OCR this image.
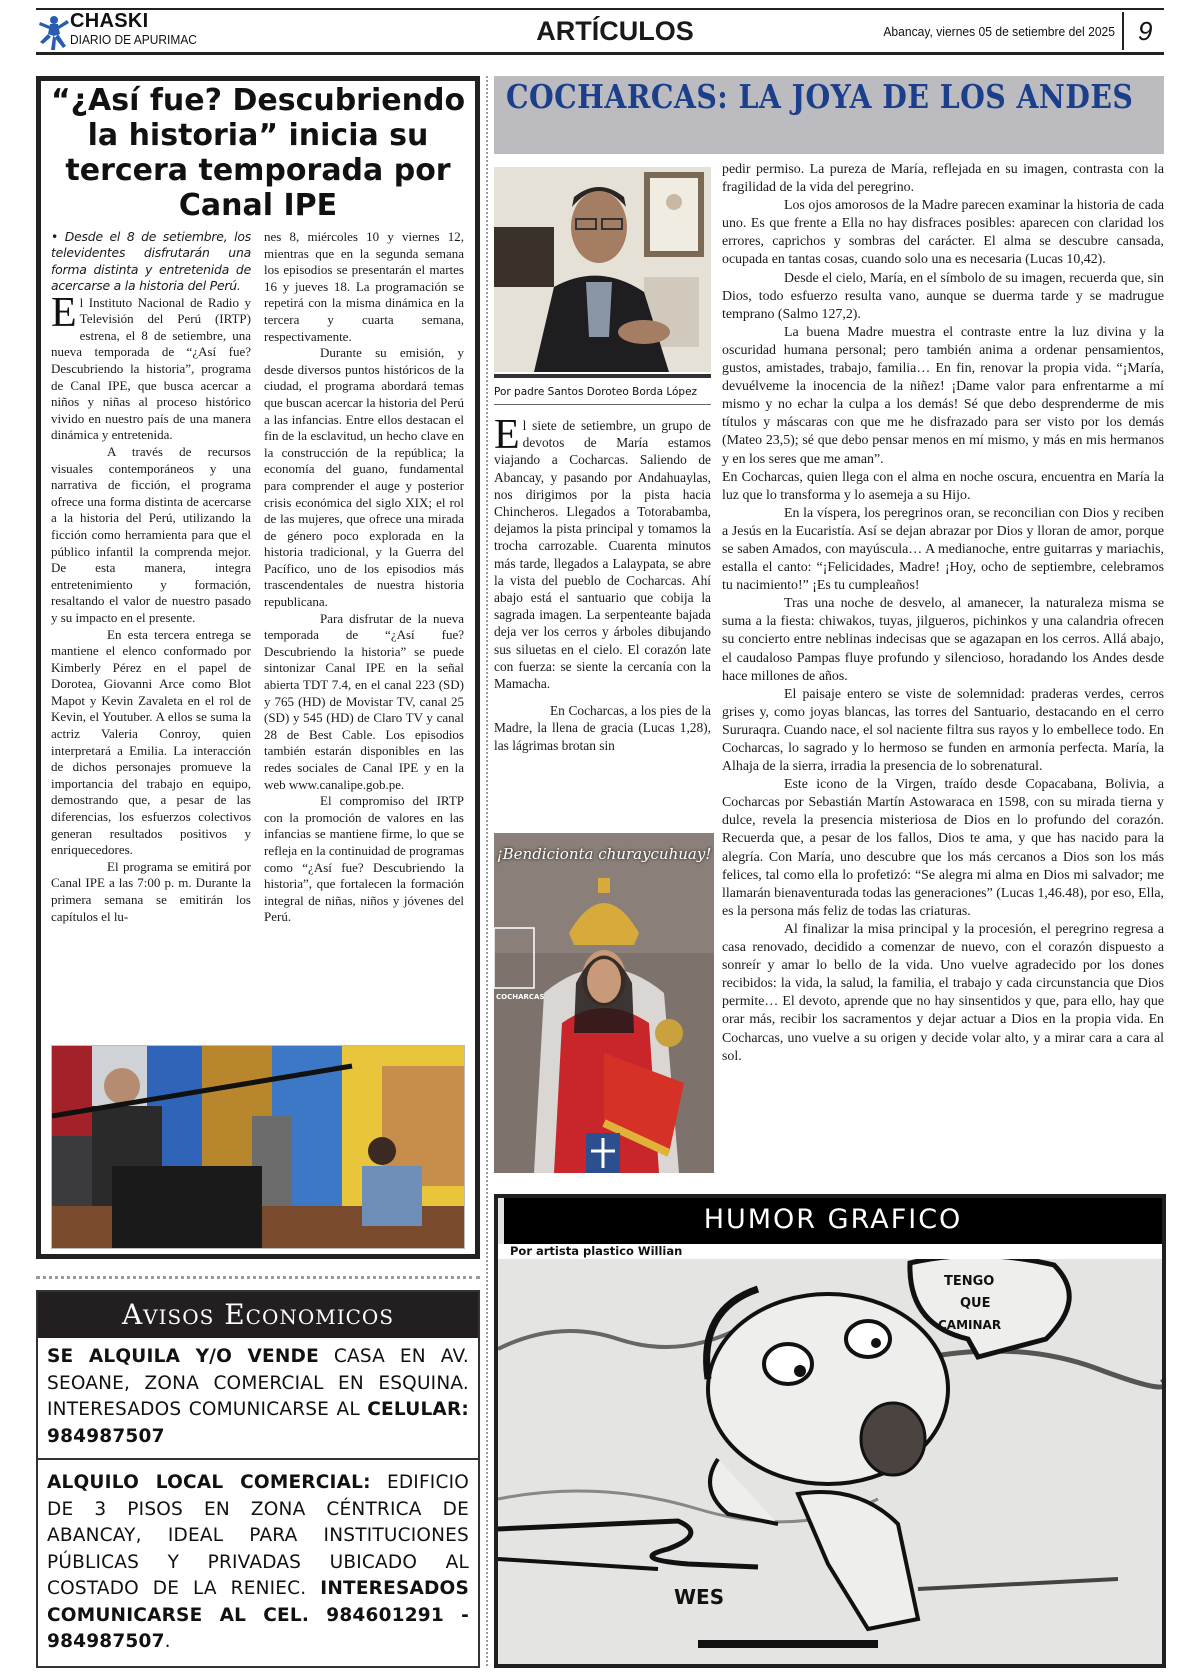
CHASKI
DIARIO DE APURIMAC	ARTÍCULOS	Abancay, viernes 05 de setiembre del 2025 9
“¿Así fue? Descubriendo la historia” inicia su tercera temporada por Canal IPE

• Desde el 8 de setiembre, los televidentes disfrutarán una forma distinta y entretenida de acercarse a la historia del Perú.

El Instituto Nacional de Radio y Televisión del Perú (IRTP) estrena, el 8 de setiembre, una nueva temporada de “¿Así fue? Descubriendo la historia”, programa de Canal IPE, que busca acercar a niños y niñas al proceso histórico vivido en nuestro país de una manera dinámica y entretenida.

A través de recursos visuales contemporáneos y una narrativa de ficción, el programa ofrece una forma distinta de acercarse a la historia del Perú, utilizando la ficción como herramienta para que el público infantil la comprenda mejor. De esta manera, integra entretenimiento y formación, resaltando el valor de nuestro pasado y su impacto en el presente.

En esta tercera entrega se mantiene el elenco conformado por Kimberly Pérez en el papel de Dorotea, Giovanni Arce como Blot Mapot y Kevin Zavaleta en el rol de Kevin, el Youtuber. A ellos se suma la actriz Valeria Conroy, quien interpretará a Emilia. La interacción de dichos personajes promueve la importancia del trabajo en equipo, demostrando que, a pesar de las diferencias, los esfuerzos colectivos generan resultados positivos y enriquecedores.

El programa se emitirá por Canal IPE a las 7:00 p. m. Durante la primera semana se emitirán los capítulos el lu-

nes 8, miércoles 10 y viernes 12, mientras que en la segunda semana los episodios se presentarán el martes 16 y jueves 18. La programación se repetirá con la misma dinámica en la tercera y cuarta semana, respectivamente.

Durante su emisión, y desde diversos puntos históricos de la ciudad, el programa abordará temas que buscan acercar la historia del Perú a las infancias. Entre ellos destacan el fin de la esclavitud, un hecho clave en la construcción de la república; la economía del guano, fundamental para comprender el auge y posterior crisis económica del siglo XIX; el rol de las mujeres, que ofrece una mirada de género poco explorada en la historia tradicional, y la Guerra del Pacífico, uno de los episodios más trascendentales de nuestra historia republicana.

Para disfrutar de la nueva temporada de “¿Así fue? Descubriendo la historia” se puede sintonizar Canal IPE en la señal abierta TDT 7.4, en el canal 223 (SD) y 765 (HD) de Movistar TV, canal 25 (SD) y 545 (HD) de Claro TV y canal 28 de Best Cable. Los episodios también estarán disponibles en las redes sociales de Canal IPE y en la web www.canalipe.gob.pe.

El compromiso del IRTP con la promoción de valores en las infancias se mantiene firme, lo que se refleja en la continuidad de programas como “¿Así fue? Descubriendo la historia”, que fortalecen la formación integral de niñas, niños y jóvenes del Perú.

Avisos Economicos
SE ALQUILA Y/O VENDE CASA EN AV. SEOANE, ZONA COMERCIAL EN ESQUINA. INTERESADOS COMUNICARSE AL CELULAR: 984987507
ALQUILO LOCAL COMERCIAL: EDIFICIO DE 3 PISOS EN ZONA CÉNTRICA DE ABANCAY, IDEAL PARA INSTITUCIONES PÚBLICAS Y PRIVADAS UBICADO AL COSTADO DE LA RENIEC. INTERESADOS COMUNICARSE AL CEL. 984601291 - 984987507.
COCHARCAS: LA JOYA DE LOS ANDES
Por padre Santos Doroteo Borda López

El siete de setiembre, un grupo de devotos de María estamos viajando a Cocharcas. Saliendo de Abancay, y pasando por Andahuaylas, nos dirigimos por la pista hacia Chincheros. Llegados a Totorabamba, dejamos la pista principal y tomamos la trocha carrozable. Cuarenta minutos más tarde, llegados a Lalaypata, se abre la vista del pueblo de Cocharcas. Ahí abajo está el santuario que cobija la sagrada imagen. La serpenteante bajada deja ver los cerros y árboles dibujando sus siluetas en el cielo. El corazón late con fuerza: se siente la cercanía con la Mamacha.

En Cocharcas, a los pies de la Madre, la llena de gracia (Lucas 1,28), las lágrimas brotan sin

¡Bendicionta churaycuhuay!
COCHARCAS

pedir permiso. La pureza de María, reflejada en su imagen, contrasta con la fragilidad de la vida del peregrino.

Los ojos amorosos de la Madre parecen examinar la historia de cada uno. Es que frente a Ella no hay disfraces posibles: aparecen con claridad los errores, caprichos y sombras del carácter. El alma se descubre cansada, ocupada en tantas cosas, cuando solo una es necesaria (Lucas 10,42).

Desde el cielo, María, en el símbolo de su imagen, recuerda que, sin Dios, todo esfuerzo resulta vano, aunque se duerma tarde y se madrugue temprano (Salmo 127,2).

La buena Madre muestra el contraste entre la luz divina y la oscuridad humana personal; pero también anima a ordenar pensamientos, gustos, amistades, trabajo, familia… En fin, renovar la propia vida. “¡María, devuélveme la inocencia de la niñez! ¡Dame valor para enfrentarme a mí mismo y no echar la culpa a los demás! Sé que debo desprenderme de mis títulos y máscaras con que me he disfrazado para ser visto por los demás (Mateo 23,5); sé que debo pensar menos en mí mismo, y más en mis hermanos y en los seres que me aman”.

En Cocharcas, quien llega con el alma en noche oscura, encuentra en María la luz que lo transforma y lo asemeja a su Hijo.

En la víspera, los peregrinos oran, se reconcilian con Dios y reciben a Jesús en la Eucaristía. Así se dejan abrazar por Dios y lloran de amor, porque se saben Amados, con mayúscula… A medianoche, entre guitarras y mariachis, estalla el canto: “¡Felicidades, Madre! ¡Hoy, ocho de septiembre, celebramos tu nacimiento!” ¡Es tu cumpleaños!

Tras una noche de desvelo, al amanecer, la naturaleza misma se suma a la fiesta: chiwakos, tuyas, jilgueros, pichinkos y una calandria ofrecen su concierto entre neblinas indecisas que se agazapan en los cerros. Allá abajo, el caudaloso Pampas fluye profundo y silencioso, horadando los Andes desde hace millones de años.

El paisaje entero se viste de solemnidad: praderas verdes, cerros grises y, como joyas blancas, las torres del Santuario, destacando en el cerro Sururaqra. Cuando nace, el sol naciente filtra sus rayos y lo embellece todo. En Cocharcas, lo sagrado y lo hermoso se funden en armonía perfecta. María, la Alhaja de la sierra, irradia la presencia de lo sobrenatural.

Este icono de la Virgen, traído desde Copacabana, Bolivia, a Cocharcas por Sebastián Martín Astowaraca en 1598, con su mirada tierna y dulce, revela la presencia misteriosa de Dios en lo profundo del corazón. Recuerda que, a pesar de los fallos, Dios te ama, y que has nacido para la alegría. Con María, uno descubre que los más cercanos a Dios son los más felices, tal como ella lo profetizó: “Se alegra mi alma en Dios mi salvador; me llamarán bienaventurada todas las generaciones” (Lucas 1,46.48), por eso, Ella, es la persona más feliz de todas las criaturas.

Al finalizar la misa principal y la procesión, el peregrino regresa a casa renovado, decidido a comenzar de nuevo, con el corazón dispuesto a sonreír y amar lo bello de la vida. Uno vuelve agradecido por los dones recibidos: la vida, la salud, la familia, el trabajo y cada circunstancia que Dios permite… El devoto, aprende que no hay sinsentidos y que, para ello, hay que orar más, recibir los sacramentos y dejar actuar a Dios en la propia vida. En Cocharcas, uno vuelve a su origen y decide volar alto, y a mirar cara a cara al sol.

HUMOR GRAFICO
Por artista plastico Willian
TENGO
QUE
CAMINAR
WES
